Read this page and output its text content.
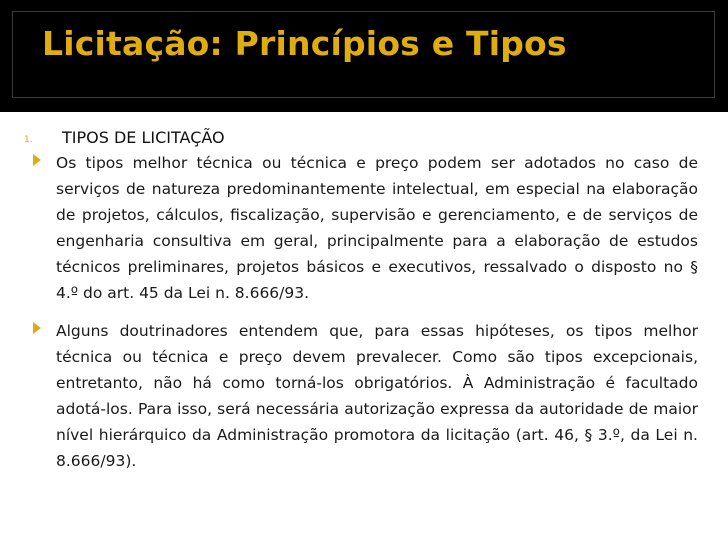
Licitação: Princípios e Tipos
1. TIPOS DE LICITAÇÃO

Os tipos melhor técnica ou técnica e preço podem ser adotados no caso de serviços de natureza predominantemente intelectual, em especial na elaboração de projetos, cálculos, fiscalização, supervisão e gerenciamento, e de serviços de engenharia consultiva em geral, principalmente para a elaboração de estudos técnicos preliminares, projetos básicos e executivos, ressalvado o disposto no § 4.º do art. 45 da Lei n. 8.666/93.

Alguns doutrinadores entendem que, para essas hipóteses, os tipos melhor técnica ou técnica e preço devem prevalecer. Como são tipos excepcionais, entretanto, não há como torná-los obrigatórios. À Administração é facultado adotá-los. Para isso, será necessária autorização expressa da autoridade de maior nível hierárquico da Administração promotora da licitação (art. 46, § 3.º, da Lei n. 8.666/93).
